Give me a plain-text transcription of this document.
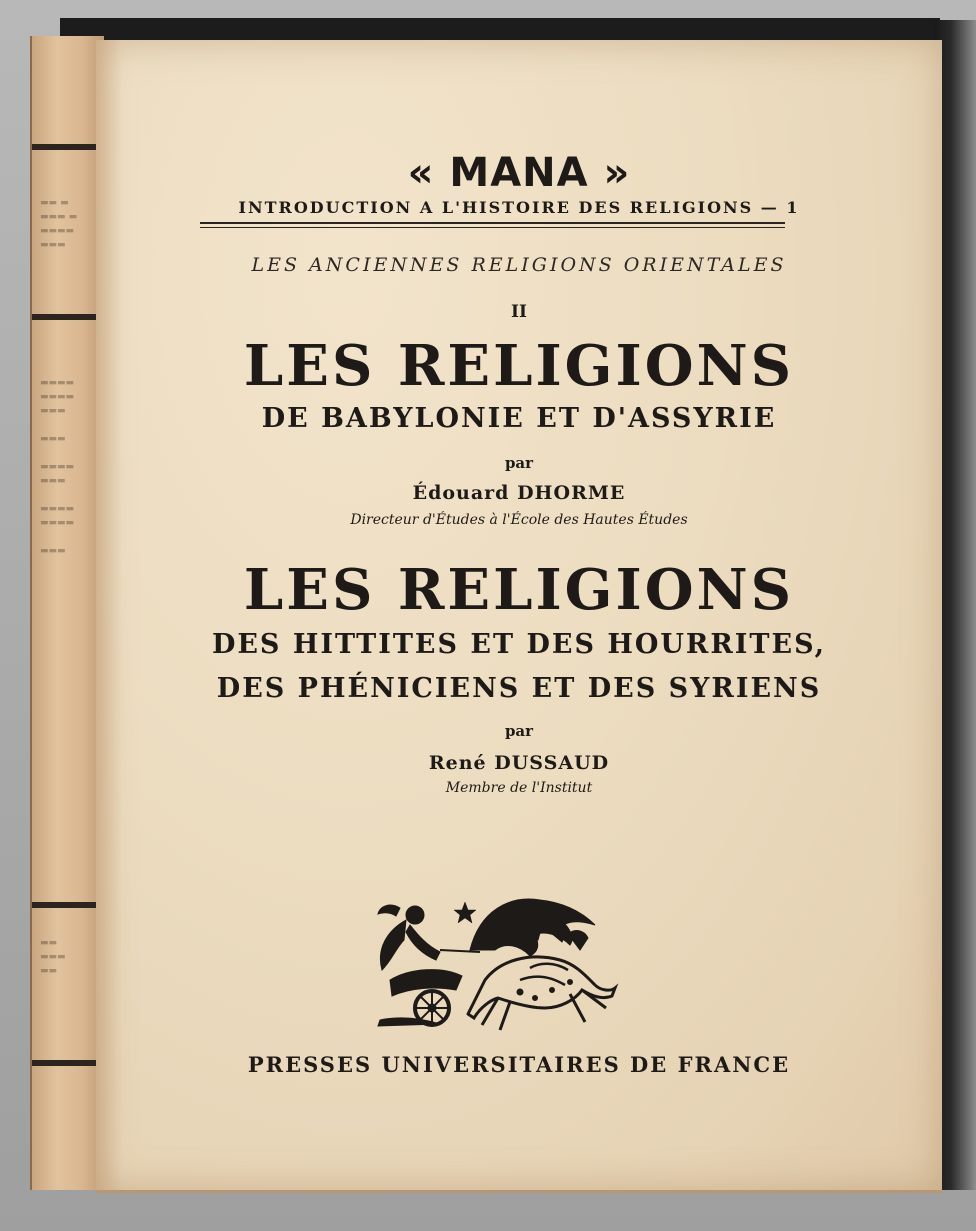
▬▬ ▬
▬▬▬ ▬
▬▬▬▬
▬▬▬
▬▬▬▬
▬▬▬▬
▬▬▬

▬▬▬

▬▬▬▬
▬▬▬

▬▬▬▬
▬▬▬▬

▬▬▬
▬▬
▬▬▬
▬▬
« MANA »
INTRODUCTION A L'HISTOIRE DES RELIGIONS — 1
LES ANCIENNES RELIGIONS ORIENTALES
II
LES RELIGIONS
DE BABYLONIE ET D'ASSYRIE
par
Édouard DHORME
Directeur d'Études à l'École des Hautes Études
LES RELIGIONS
DES HITTITES ET DES HOURRITES,
DES PHÉNICIENS ET DES SYRIENS
par
René DUSSAUD
Membre de l'Institut
PRESSES UNIVERSITAIRES DE FRANCE
